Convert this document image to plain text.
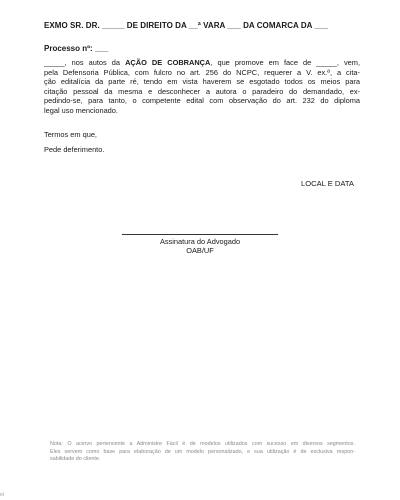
EXMO SR. DR. _____ DE DIREITO DA __ª VARA ___ DA COMARCA DA ___
Processo nº: ___
_____, nos autos da AÇÃO DE COBRANÇA, que promove em face de _____, vem,
pela Defensoria Pública, com fulcro no art. 256 do NCPC, requerer a V. ex.ª, a cita-
ção editalícia da parte ré, tendo em vista haverem se esgotado todos os meios para
citação pessoal da mesma e desconhecer a autora o paradeiro do demandado, ex-
pedindo-se, para tanto, o competente edital com observação do art. 232 do diploma
legal uso mencionado.
Termos em que,
Pede deferimento.
LOCAL E DATA
Assinatura do Advogado
OAB/UF
Nota: O acervo pertencente a Administre Fácil é de modelos utilizados com sucesso em diversos segmentos.
Eles servem como base para elaboração de um modelo personalizado, e sua utilização é de exclusiva respon-
sabilidade do cliente.
el
